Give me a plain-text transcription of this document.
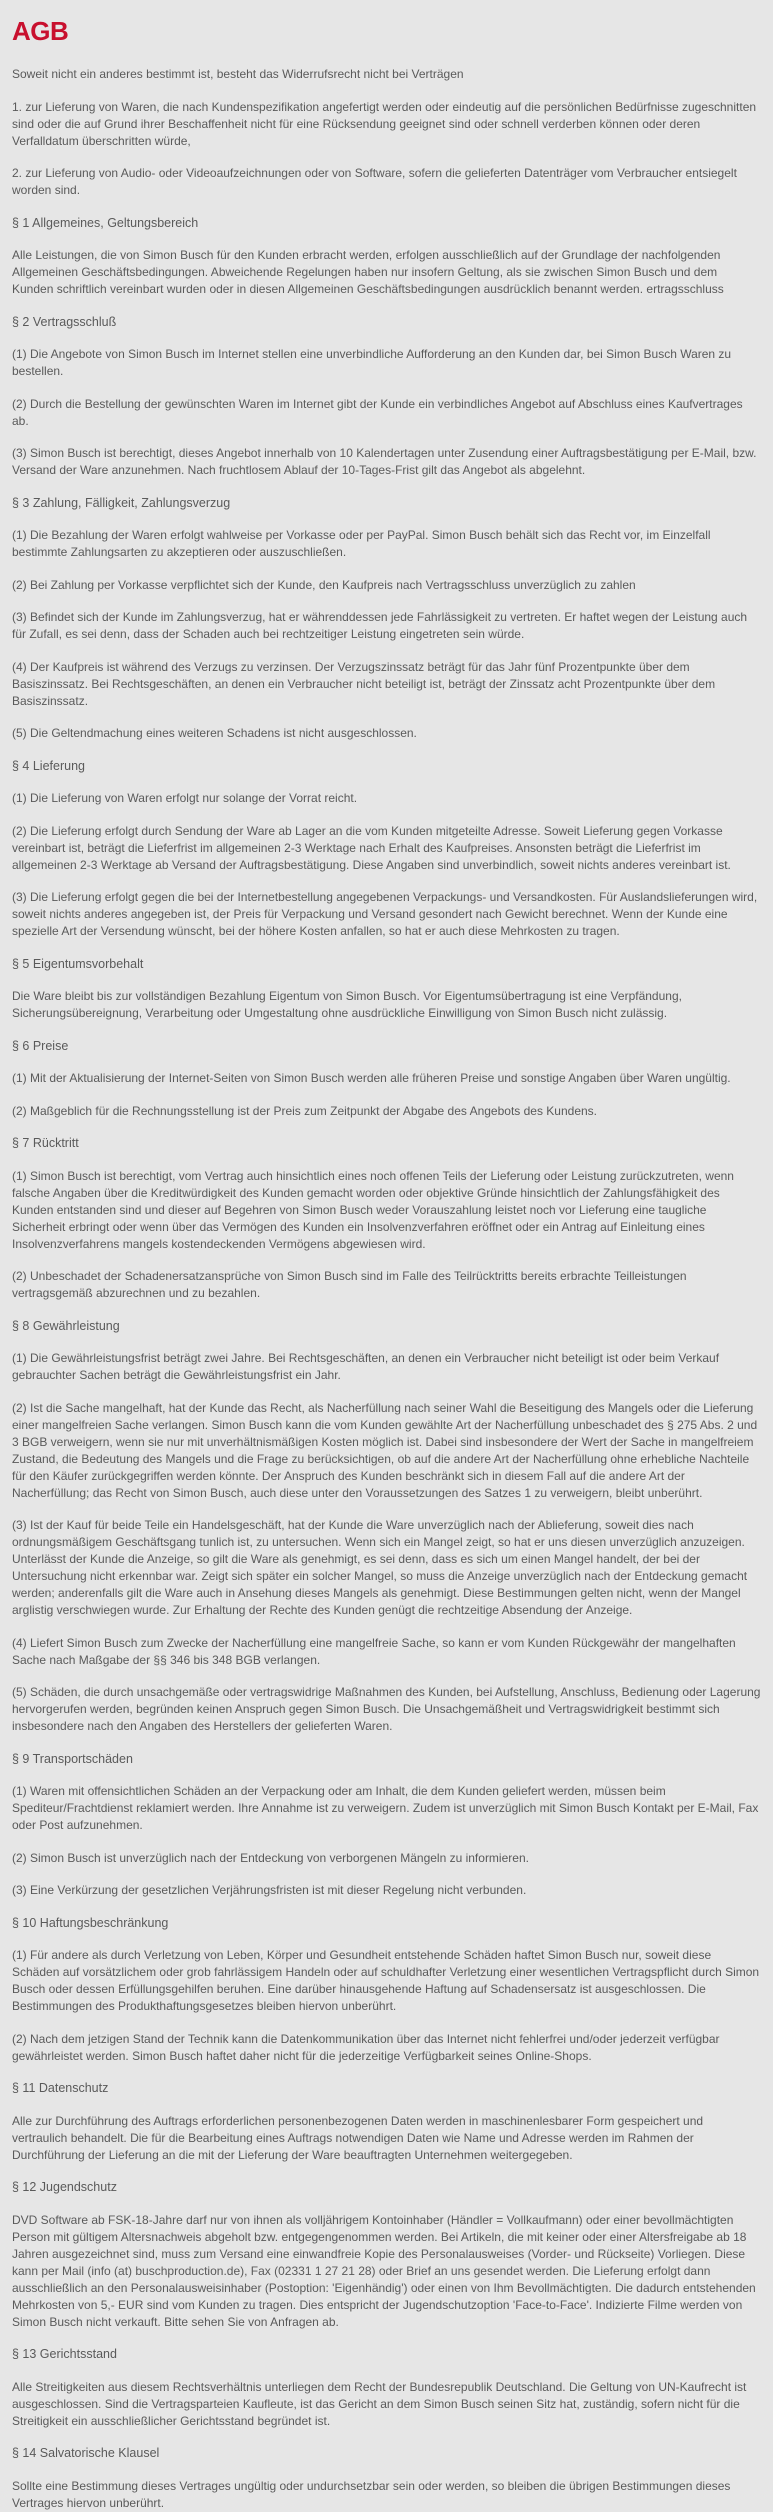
AGB
Soweit nicht ein anderes bestimmt ist, besteht das Widerrufsrecht nicht bei Verträgen
1. zur Lieferung von Waren, die nach Kundenspezifikation angefertigt werden oder eindeutig auf die persönlichen Bedürfnisse zugeschnitten sind oder die auf Grund ihrer Beschaffenheit nicht für eine Rücksendung geeignet sind oder schnell verderben können oder deren Verfalldatum überschritten würde,
2. zur Lieferung von Audio- oder Videoaufzeichnungen oder von Software, sofern die gelieferten Datenträger vom Verbraucher entsiegelt worden sind.
§ 1 Allgemeines, Geltungsbereich
Alle Leistungen, die von Simon Busch für den Kunden erbracht werden, erfolgen ausschließlich auf der Grundlage der nachfolgenden Allgemeinen Geschäftsbedingungen. Abweichende Regelungen haben nur insofern Geltung, als sie zwischen Simon Busch und dem Kunden schriftlich vereinbart wurden oder in diesen Allgemeinen Geschäftsbedingungen ausdrücklich benannt werden. ertragsschluss
§ 2 Vertragsschluß
(1) Die Angebote von Simon Busch im Internet stellen eine unverbindliche Aufforderung an den Kunden dar, bei Simon Busch Waren zu bestellen.
(2) Durch die Bestellung der gewünschten Waren im Internet gibt der Kunde ein verbindliches Angebot auf Abschluss eines Kaufvertrages ab.
(3) Simon Busch ist berechtigt, dieses Angebot innerhalb von 10 Kalendertagen unter Zusendung einer Auftragsbestätigung per E-Mail, bzw. Versand der Ware anzunehmen. Nach fruchtlosem Ablauf der 10-Tages-Frist gilt das Angebot als abgelehnt.
§ 3 Zahlung, Fälligkeit, Zahlungsverzug
(1) Die Bezahlung der Waren erfolgt wahlweise per Vorkasse oder per PayPal. Simon Busch behält sich das Recht vor, im Einzelfall bestimmte Zahlungsarten zu akzeptieren oder auszuschließen.
(2) Bei Zahlung per Vorkasse verpflichtet sich der Kunde, den Kaufpreis nach Vertragsschluss unverzüglich zu zahlen
(3) Befindet sich der Kunde im Zahlungsverzug, hat er währenddessen jede Fahrlässigkeit zu vertreten. Er haftet wegen der Leistung auch für Zufall, es sei denn, dass der Schaden auch bei rechtzeitiger Leistung eingetreten sein würde.
(4) Der Kaufpreis ist während des Verzugs zu verzinsen. Der Verzugszinssatz beträgt für das Jahr fünf Prozentpunkte über dem Basiszinssatz. Bei Rechtsgeschäften, an denen ein Verbraucher nicht beteiligt ist, beträgt der Zinssatz acht Prozentpunkte über dem Basiszinssatz.
(5) Die Geltendmachung eines weiteren Schadens ist nicht ausgeschlossen.
§ 4 Lieferung
(1) Die Lieferung von Waren erfolgt nur solange der Vorrat reicht.
(2) Die Lieferung erfolgt durch Sendung der Ware ab Lager an die vom Kunden mitgeteilte Adresse. Soweit Lieferung gegen Vorkasse vereinbart ist, beträgt die Lieferfrist im allgemeinen 2-3 Werktage nach Erhalt des Kaufpreises. Ansonsten beträgt die Lieferfrist im allgemeinen 2-3 Werktage ab Versand der Auftragsbestätigung. Diese Angaben sind unverbindlich, soweit nichts anderes vereinbart ist.
(3) Die Lieferung erfolgt gegen die bei der Internetbestellung angegebenen Verpackungs- und Versandkosten. Für Auslandslieferungen wird, soweit nichts anderes angegeben ist, der Preis für Verpackung und Versand gesondert nach Gewicht berechnet. Wenn der Kunde eine spezielle Art der Versendung wünscht, bei der höhere Kosten anfallen, so hat er auch diese Mehrkosten zu tragen.
§ 5 Eigentumsvorbehalt
Die Ware bleibt bis zur vollständigen Bezahlung Eigentum von Simon Busch. Vor Eigentumsübertragung ist eine Verpfändung, Sicherungsübereignung, Verarbeitung oder Umgestaltung ohne ausdrückliche Einwilligung von Simon Busch nicht zulässig.
§ 6 Preise
(1) Mit der Aktualisierung der Internet-Seiten von Simon Busch werden alle früheren Preise und sonstige Angaben über Waren ungültig.
(2) Maßgeblich für die Rechnungsstellung ist der Preis zum Zeitpunkt der Abgabe des Angebots des Kundens.
§ 7 Rücktritt
(1) Simon Busch ist berechtigt, vom Vertrag auch hinsichtlich eines noch offenen Teils der Lieferung oder Leistung zurückzutreten, wenn falsche Angaben über die Kreditwürdigkeit des Kunden gemacht worden oder objektive Gründe hinsichtlich der Zahlungsfähigkeit des Kunden entstanden sind und dieser auf Begehren von Simon Busch weder Vorauszahlung leistet noch vor Lieferung eine taugliche Sicherheit erbringt oder wenn über das Vermögen des Kunden ein Insolvenzverfahren eröffnet oder ein Antrag auf Einleitung eines Insolvenzverfahrens mangels kostendeckenden Vermögens abgewiesen wird.
(2) Unbeschadet der Schadenersatzansprüche von Simon Busch sind im Falle des Teilrücktritts bereits erbrachte Teilleistungen vertragsgemäß abzurechnen und zu bezahlen.
§ 8 Gewährleistung
(1) Die Gewährleistungsfrist beträgt zwei Jahre. Bei Rechtsgeschäften, an denen ein Verbraucher nicht beteiligt ist oder beim Verkauf gebrauchter Sachen beträgt die Gewährleistungsfrist ein Jahr.
(2) Ist die Sache mangelhaft, hat der Kunde das Recht, als Nacherfüllung nach seiner Wahl die Beseitigung des Mangels oder die Lieferung einer mangelfreien Sache verlangen. Simon Busch kann die vom Kunden gewählte Art der Nacherfüllung unbeschadet des § 275 Abs. 2 und 3 BGB verweigern, wenn sie nur mit unverhältnismäßigen Kosten möglich ist. Dabei sind insbesondere der Wert der Sache in mangelfreiem Zustand, die Bedeutung des Mangels und die Frage zu berücksichtigen, ob auf die andere Art der Nacherfüllung ohne erhebliche Nachteile für den Käufer zurückgegriffen werden könnte. Der Anspruch des Kunden beschränkt sich in diesem Fall auf die andere Art der Nacherfüllung; das Recht von Simon Busch, auch diese unter den Voraussetzungen des Satzes 1 zu verweigern, bleibt unberührt.
(3) Ist der Kauf für beide Teile ein Handelsgeschäft, hat der Kunde die Ware unverzüglich nach der Ablieferung, soweit dies nach ordnungsmäßigem Geschäftsgang tunlich ist, zu untersuchen. Wenn sich ein Mangel zeigt, so hat er uns diesen unverzüglich anzuzeigen. Unterlässt der Kunde die Anzeige, so gilt die Ware als genehmigt, es sei denn, dass es sich um einen Mangel handelt, der bei der Untersuchung nicht erkennbar war. Zeigt sich später ein solcher Mangel, so muss die Anzeige unverzüglich nach der Entdeckung gemacht werden; anderenfalls gilt die Ware auch in Ansehung dieses Mangels als genehmigt. Diese Bestimmungen gelten nicht, wenn der Mangel arglistig verschwiegen wurde. Zur Erhaltung der Rechte des Kunden genügt die rechtzeitige Absendung der Anzeige.
(4) Liefert Simon Busch zum Zwecke der Nacherfüllung eine mangelfreie Sache, so kann er vom Kunden Rückgewähr der mangelhaften Sache nach Maßgabe der §§ 346 bis 348 BGB verlangen.
(5) Schäden, die durch unsachgemäße oder vertragswidrige Maßnahmen des Kunden, bei Aufstellung, Anschluss, Bedienung oder Lagerung hervorgerufen werden, begründen keinen Anspruch gegen Simon Busch. Die Unsachgemäßheit und Vertragswidrigkeit bestimmt sich insbesondere nach den Angaben des Herstellers der gelieferten Waren.
§ 9 Transportschäden
(1) Waren mit offensichtlichen Schäden an der Verpackung oder am Inhalt, die dem Kunden geliefert werden, müssen beim Spediteur/Frachtdienst reklamiert werden. Ihre Annahme ist zu verweigern. Zudem ist unverzüglich mit Simon Busch Kontakt per E-Mail, Fax oder Post aufzunehmen.
(2) Simon Busch ist unverzüglich nach der Entdeckung von verborgenen Mängeln zu informieren.
(3) Eine Verkürzung der gesetzlichen Verjährungsfristen ist mit dieser Regelung nicht verbunden.
§ 10 Haftungsbeschränkung
(1) Für andere als durch Verletzung von Leben, Körper und Gesundheit entstehende Schäden haftet Simon Busch nur, soweit diese Schäden auf vorsätzlichem oder grob fahrlässigem Handeln oder auf schuldhafter Verletzung einer wesentlichen Vertragspflicht durch Simon Busch oder dessen Erfüllungsgehilfen beruhen. Eine darüber hinausgehende Haftung auf Schadensersatz ist ausgeschlossen. Die Bestimmungen des Produkthaftungsgesetzes bleiben hiervon unberührt.
(2) Nach dem jetzigen Stand der Technik kann die Datenkommunikation über das Internet nicht fehlerfrei und/oder jederzeit verfügbar gewährleistet werden. Simon Busch haftet daher nicht für die jederzeitige Verfügbarkeit seines Online-Shops.
§ 11 Datenschutz
Alle zur Durchführung des Auftrags erforderlichen personenbezogenen Daten werden in maschinenlesbarer Form gespeichert und vertraulich behandelt. Die für die Bearbeitung eines Auftrags notwendigen Daten wie Name und Adresse werden im Rahmen der Durchführung der Lieferung an die mit der Lieferung der Ware beauftragten Unternehmen weitergegeben.
§ 12 Jugendschutz
DVD Software ab FSK-18-Jahre darf nur von ihnen als volljährigem Kontoinhaber (Händler = Vollkaufmann) oder einer bevollmächtigten Person mit gültigem Altersnachweis abgeholt bzw. entgegengenommen werden. Bei Artikeln, die mit keiner oder einer Altersfreigabe ab 18 Jahren ausgezeichnet sind, muss zum Versand eine einwandfreie Kopie des Personalausweises (Vorder- und Rückseite) Vorliegen. Diese kann per Mail (info (at) buschproduction.de), Fax (02331 1 27 21 28) oder Brief an uns gesendet werden. Die Lieferung erfolgt dann ausschließlich an den Personalausweisinhaber (Postoption: 'Eigenhändig') oder einen von Ihm Bevollmächtigten. Die dadurch entstehenden Mehrkosten von 5,- EUR sind vom Kunden zu tragen. Dies entspricht der Jugendschutzoption 'Face-to-Face'. Indizierte Filme werden von Simon Busch nicht verkauft. Bitte sehen Sie von Anfragen ab.
§ 13 Gerichtsstand
Alle Streitigkeiten aus diesem Rechtsverhältnis unterliegen dem Recht der Bundesrepublik Deutschland. Die Geltung von UN-Kaufrecht ist ausgeschlossen. Sind die Vertragsparteien Kaufleute, ist das Gericht an dem Simon Busch seinen Sitz hat, zuständig, sofern nicht für die Streitigkeit ein ausschließlicher Gerichtsstand begründet ist.
§ 14 Salvatorische Klausel
Sollte eine Bestimmung dieses Vertrages ungültig oder undurchsetzbar sein oder werden, so bleiben die übrigen Bestimmungen dieses Vertrages hiervon unberührt.
